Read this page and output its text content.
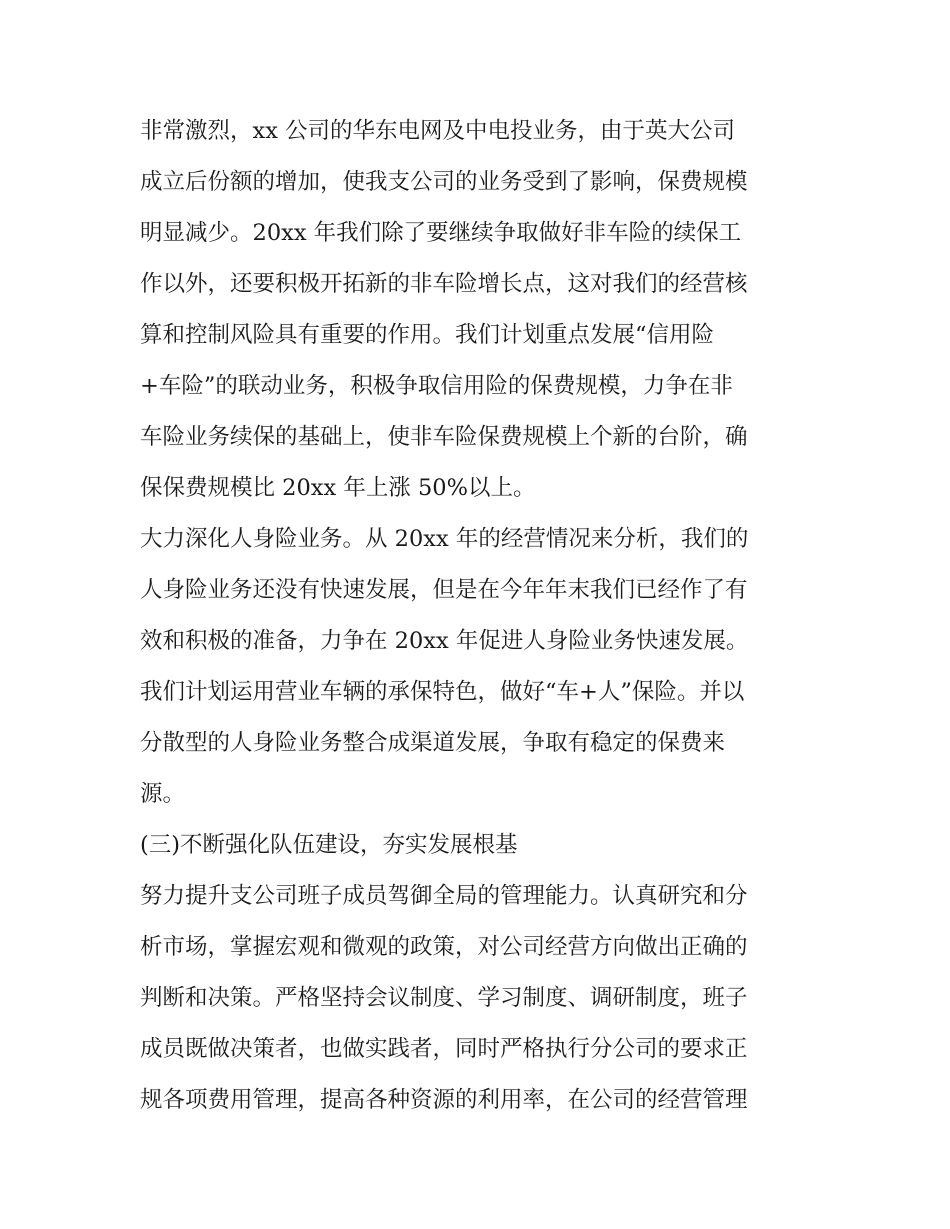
非常激烈，xx 公司的华东电网及中电投业务，由于英大公司
成立后份额的增加，使我支公司的业务受到了影响，保费规模
明显减少。20xx 年我们除了要继续争取做好非车险的续保工
作以外，还要积极开拓新的非车险增长点，这对我们的经营核
算和控制风险具有重要的作用。我们计划重点发展“信用险
+车险”的联动业务，积极争取信用险的保费规模，力争在非
车险业务续保的基础上，使非车险保费规模上个新的台阶，确
保保费规模比 20xx 年上涨 50%以上。
大力深化人身险业务。从 20xx 年的经营情况来分析，我们的
人身险业务还没有快速发展，但是在今年年末我们已经作了有
效和积极的准备，力争在 20xx 年促进人身险业务快速发展。
我们计划运用营业车辆的承保特色，做好“车+人”保险。并以
分散型的人身险业务整合成渠道发展，争取有稳定的保费来
源。
(三)不断强化队伍建设，夯实发展根基
努力提升支公司班子成员驾御全局的管理能力。认真研究和分
析市场，掌握宏观和微观的政策，对公司经营方向做出正确的
判断和决策。严格坚持会议制度、学习制度、调研制度，班子
成员既做决策者，也做实践者，同时严格执行分公司的要求正
规各项费用管理，提高各种资源的利用率，在公司的经营管理
